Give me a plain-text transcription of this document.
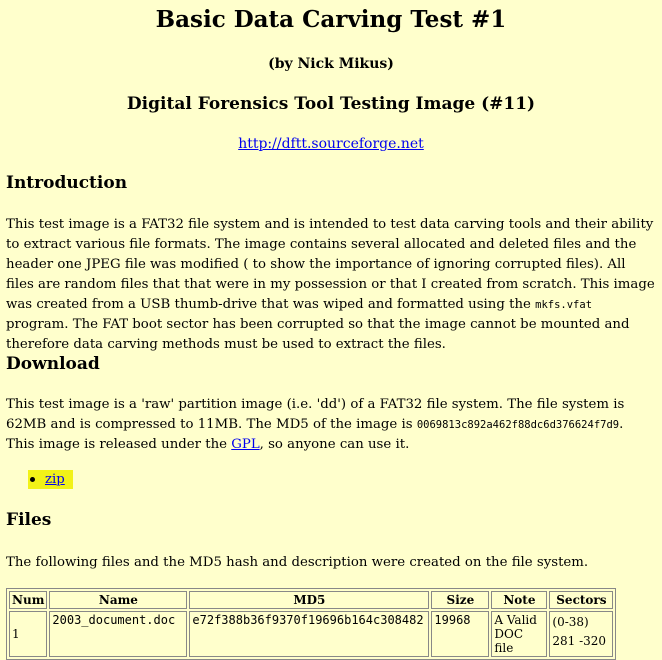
Basic Data Carving Test #1
(by Nick Mikus)
Digital Forensics Tool Testing Image (#11)
http://dftt.sourceforge.net
Introduction

This test image is a FAT32 file system and is intended to test data carving tools and their ability to extract various file formats. The image contains several allocated and deleted files and the header one JPEG file was modified ( to show the importance of ignoring corrupted files). All files are random files that that were in my possession or that I created from scratch. This image was created from a USB thumb-drive that was wiped and formatted using the mkfs.vfat program. The FAT boot sector has been corrupted so that the image cannot be mounted and therefore data carving methods must be used to extract the files.

Download

This test image is a 'raw' partition image (i.e. 'dd') of a FAT32 file system. The file system is 62MB and is compressed to 11MB. The MD5 of the image is 0069813c892a462f88dc6d376624f7d9. This image is released under the GPL, so anyone can use it.

zip
Files

The following files and the MD5 hash and description were created on the file system.

Num	Name	MD5	Size	Note	Sectors
1	2003_document.doc	e72f388b36f9370f19696b164c308482	19968	A Valid DOC file	(0-38)
281 -320
